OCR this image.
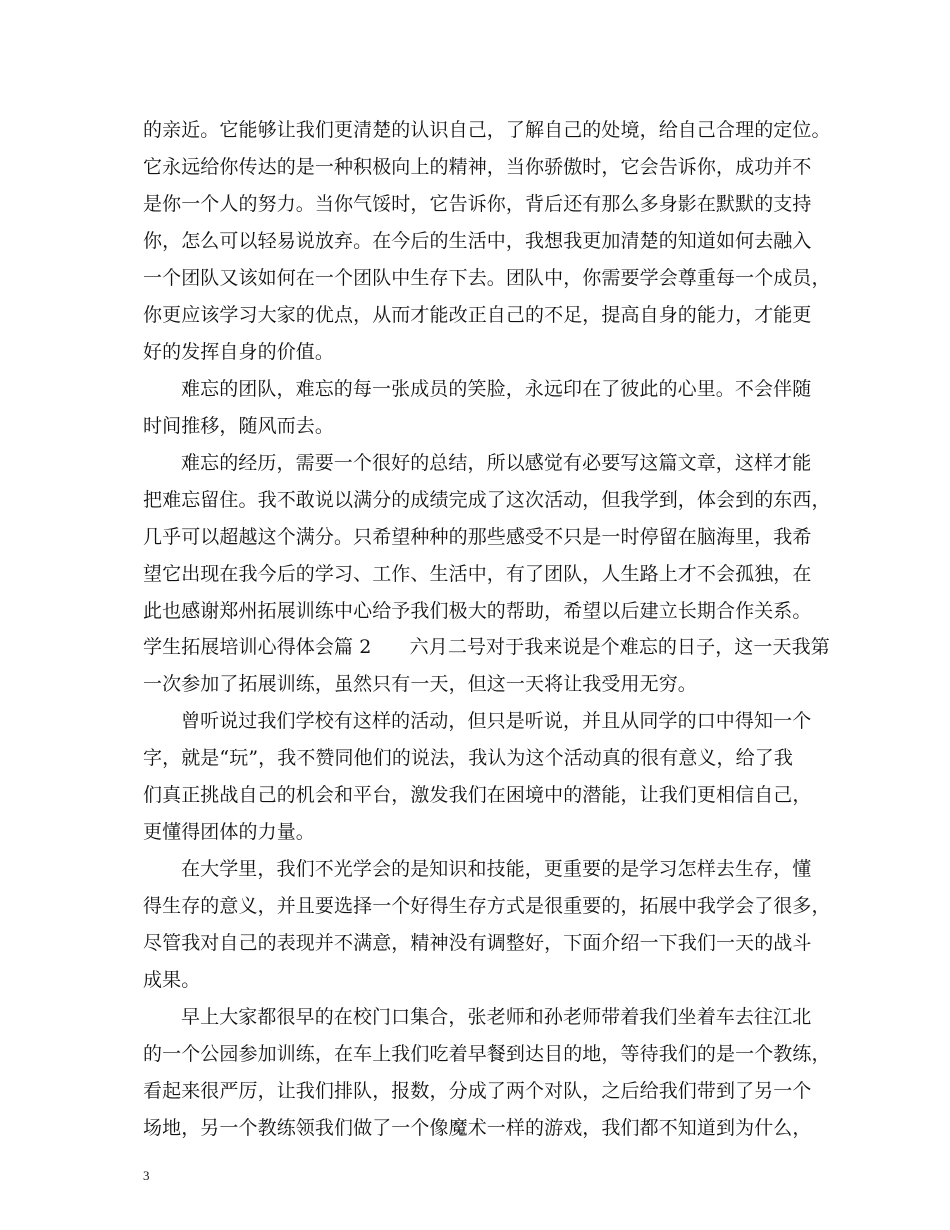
的亲近。它能够让我们更清楚的认识自己，了解自己的处境，给自己合理的定位。
它永远给你传达的是一种积极向上的精神，当你骄傲时，它会告诉你，成功并不
是你一个人的努力。当你气馁时，它告诉你，背后还有那么多身影在默默的支持
你，怎么可以轻易说放弃。在今后的生活中，我想我更加清楚的知道如何去融入
一个团队又该如何在一个团队中生存下去。团队中，你需要学会尊重每一个成员，
你更应该学习大家的优点，从而才能改正自己的不足，提高自身的能力，才能更
好的发挥自身的价值。
难忘的团队，难忘的每一张成员的笑脸，永远印在了彼此的心里。不会伴随
时间推移，随风而去。
难忘的经历，需要一个很好的总结，所以感觉有必要写这篇文章，这样才能
把难忘留住。我不敢说以满分的成绩完成了这次活动，但我学到，体会到的东西，
几乎可以超越这个满分。只希望种种的那些感受不只是一时停留在脑海里，我希
望它出现在我今后的学习、工作、生活中，有了团队，人生路上才不会孤独，在
此也感谢郑州拓展训练中心给予我们极大的帮助，希望以后建立长期合作关系。
学生拓展培训心得体会篇 2　　六月二号对于我来说是个难忘的日子，这一天我第
一次参加了拓展训练，虽然只有一天，但这一天将让我受用无穷。
曾听说过我们学校有这样的活动，但只是听说，并且从同学的口中得知一个
字，就是“玩”，我不赞同他们的说法，我认为这个活动真的很有意义，给了我
们真正挑战自己的机会和平台，激发我们在困境中的潜能，让我们更相信自己，
更懂得团体的力量。
在大学里，我们不光学会的是知识和技能，更重要的是学习怎样去生存，懂
得生存的意义，并且要选择一个好得生存方式是很重要的，拓展中我学会了很多，
尽管我对自己的表现并不满意，精神没有调整好，下面介绍一下我们一天的战斗
成果。
早上大家都很早的在校门口集合，张老师和孙老师带着我们坐着车去往江北
的一个公园参加训练，在车上我们吃着早餐到达目的地，等待我们的是一个教练，
看起来很严厉，让我们排队，报数，分成了两个对队，之后给我们带到了另一个
场地，另一个教练领我们做了一个像魔术一样的游戏，我们都不知道到为什么，
3
